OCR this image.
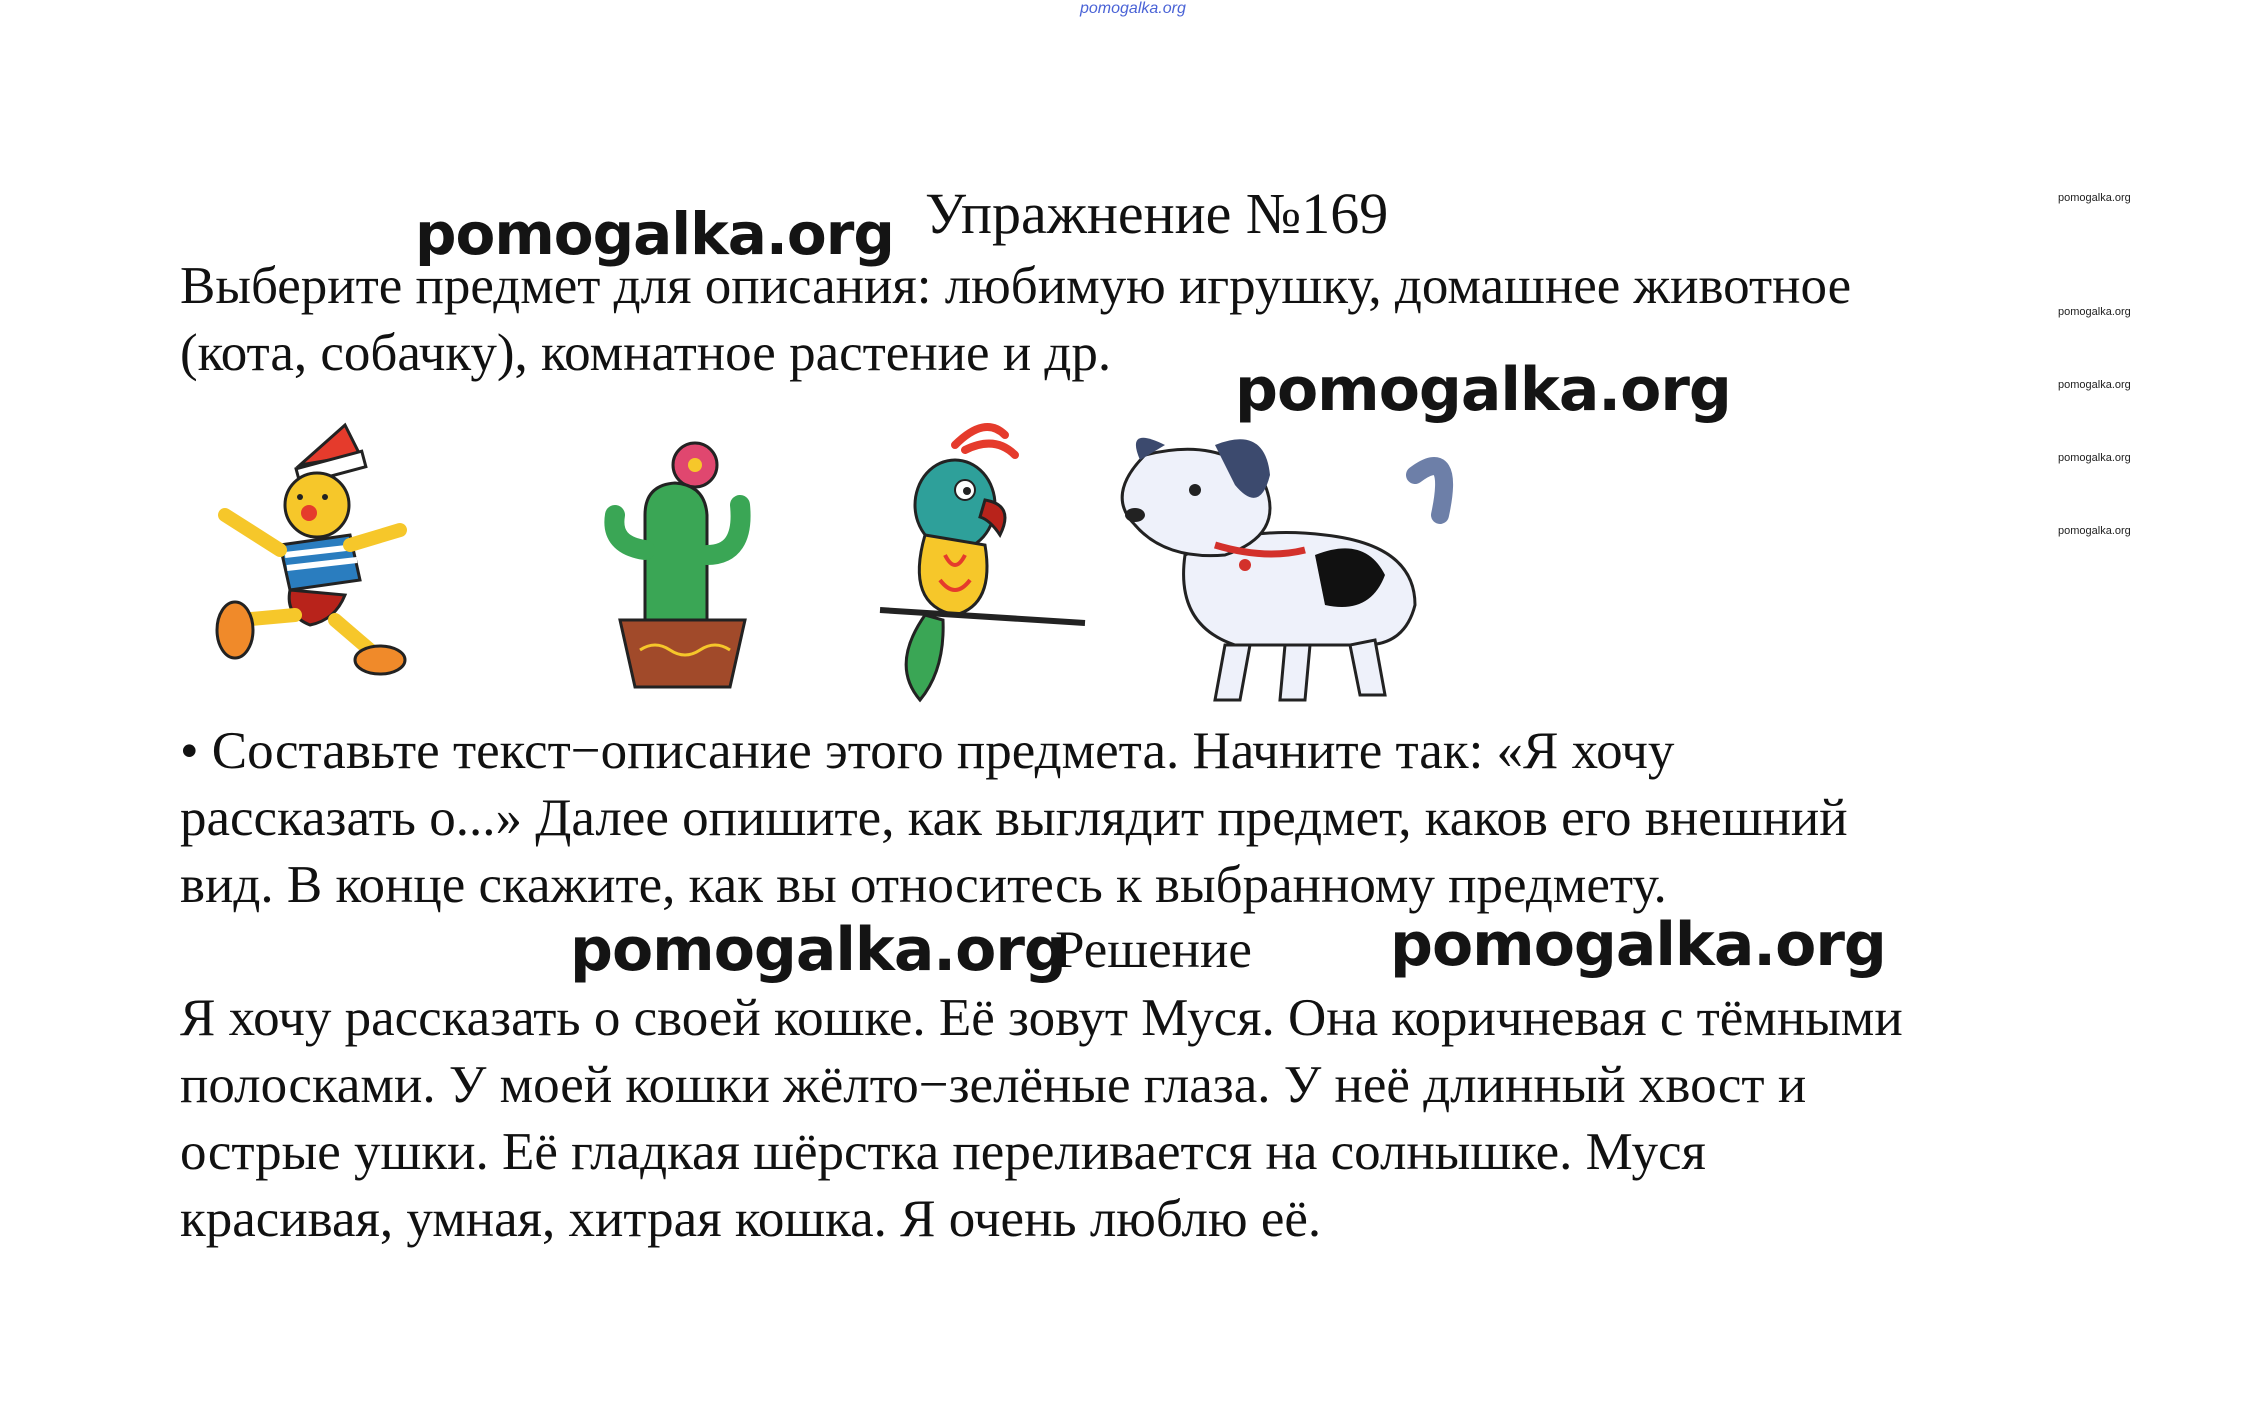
pomogalka.org
pomogalka.org
pomogalka.org
pomogalka.org
pomogalka.org
pomogalka.org
Упражнение №169
Выберите предмет для описания: любимую игрушку, домашнее животное
(кота, собачку), комнатное растение и др.
• Составьте текст−описание этого предмета. Начните так: «Я хочу
рассказать о...» Далее опишите, как выглядит предмет, каков его внешний
вид. В конце скажите, как вы относитесь к выбранному предмету.
Решение
Я хочу рассказать о своей кошке. Её зовут Муся. Она коричневая с тёмными
полосками. У моей кошки жёлто−зелёные глаза. У неё длинный хвост и
острые ушки. Её гладкая шёрстка переливается на солнышке. Муся
красивая, умная, хитрая кошка. Я очень люблю её.
pomogalka.org
pomogalka.org
pomogalka.org	pomogalka.org
